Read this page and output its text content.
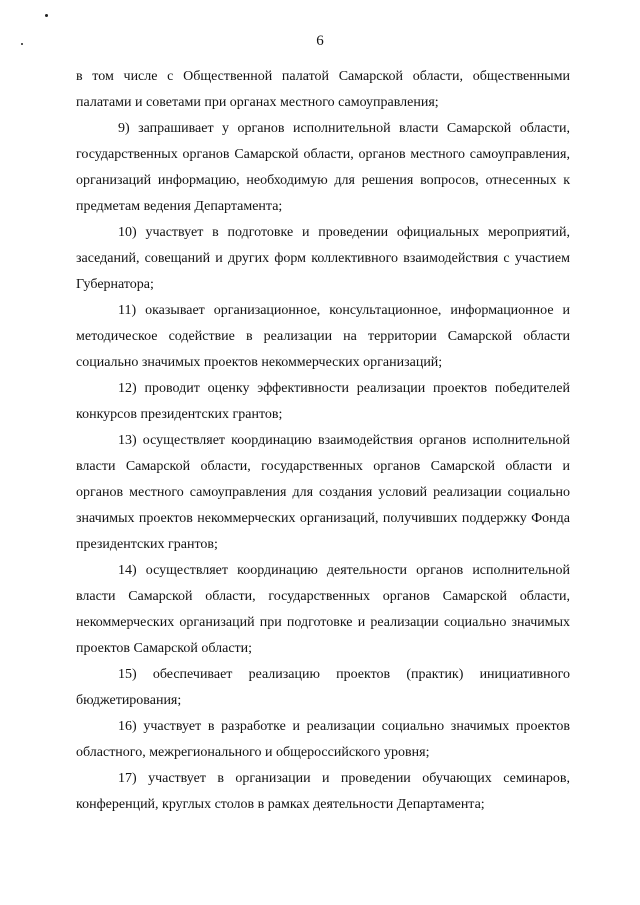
6

в том числе с Общественной палатой Самарской области, общественными палатами и советами при органах местного самоуправления;

9) запрашивает у органов исполнительной власти Самарской области, государственных органов Самарской области, органов местного самоуправления, организаций информацию, необходимую для решения вопросов, отнесенных к предметам ведения Департамента;

10) участвует в подготовке и проведении официальных мероприятий, заседаний, совещаний и других форм коллективного взаимодействия с участием Губернатора;

11) оказывает организационное, консультационное, информационное и методическое содействие в реализации на территории Самарской области социально значимых проектов некоммерческих организаций;

12) проводит оценку эффективности реализации проектов победителей конкурсов президентских грантов;

13) осуществляет координацию взаимодействия органов исполнительной власти Самарской области, государственных органов Самарской области и органов местного самоуправления для создания условий реализации социально значимых проектов некоммерческих организаций, получивших поддержку Фонда президентских грантов;

14) осуществляет координацию деятельности органов исполнительной власти Самарской области, государственных органов Самарской области, некоммерческих организаций при подготовке и реализации социально значимых проектов Самарской области;

15) обеспечивает реализацию проектов (практик) инициативного бюджетирования;

16) участвует в разработке и реализации социально значимых проектов областного, межрегионального и общероссийского уровня;

17) участвует в организации и проведении обучающих семинаров, конференций, круглых столов в рамках деятельности Департамента;
